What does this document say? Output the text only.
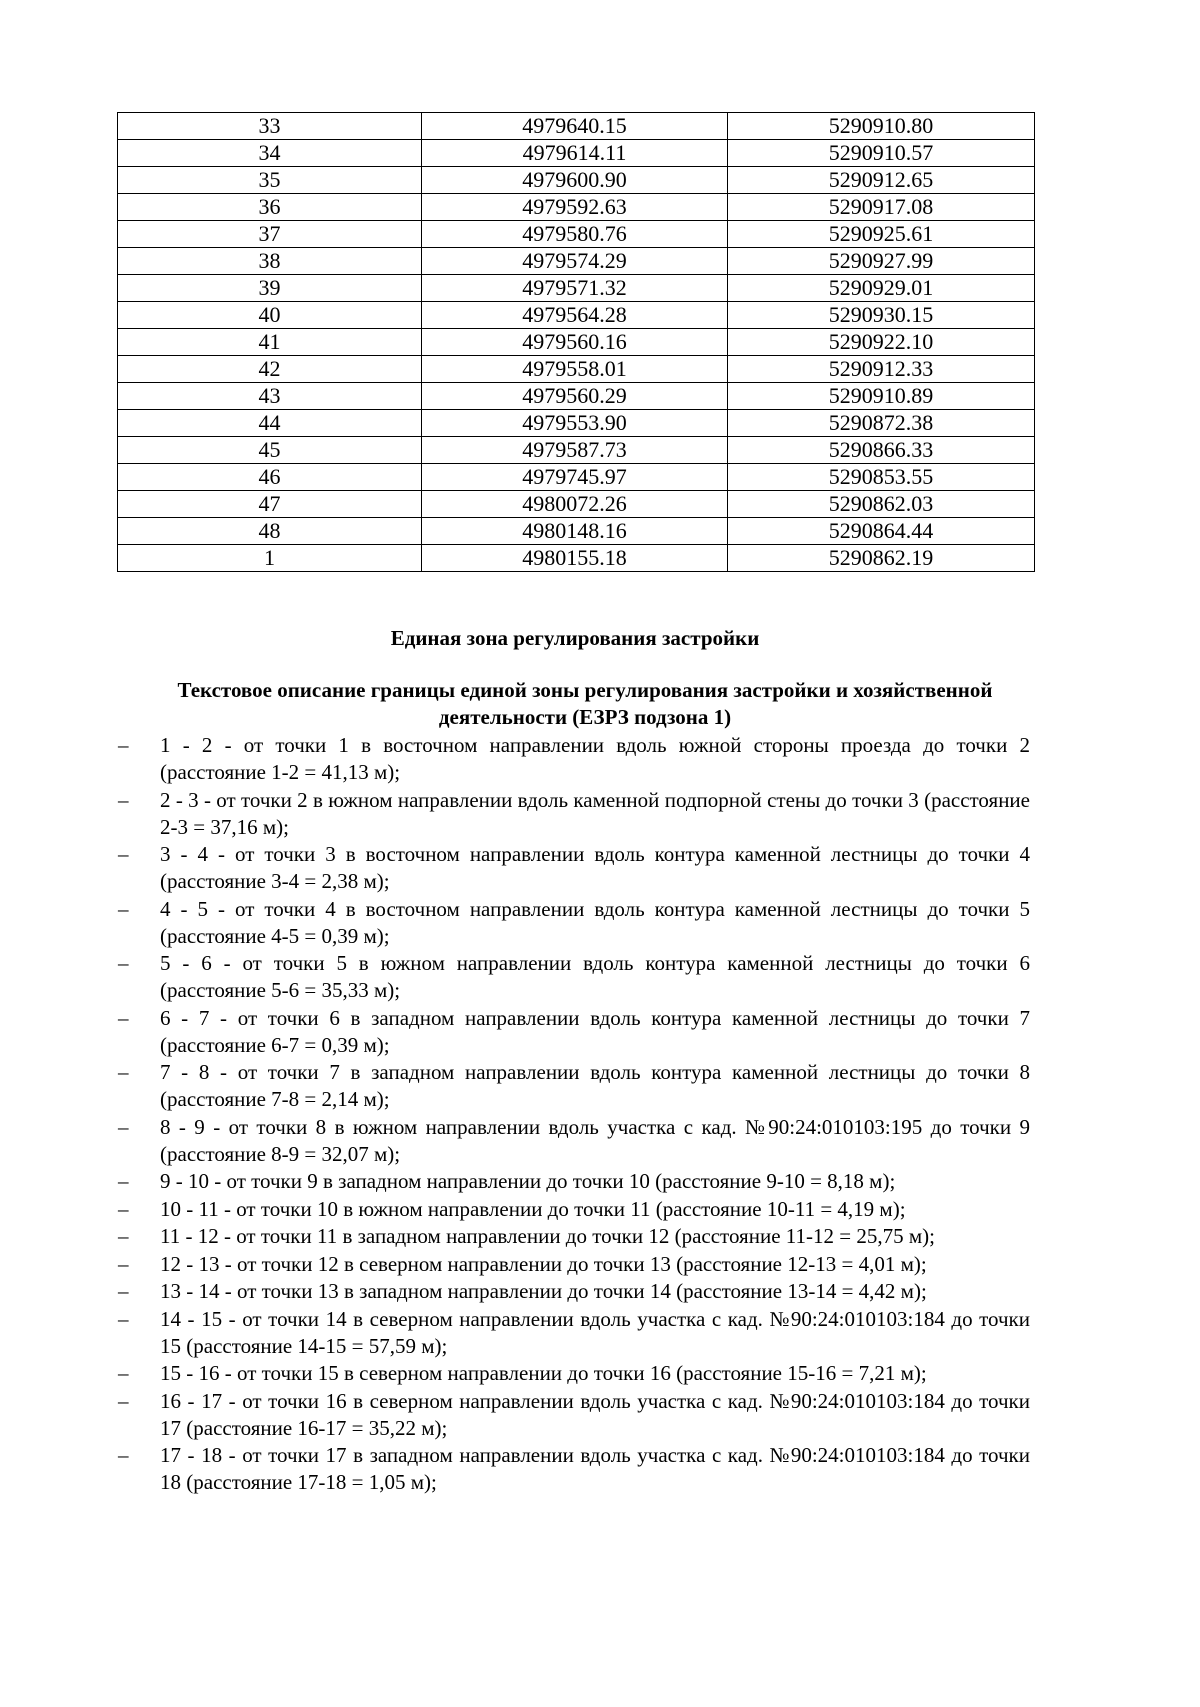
33	4979640.15	5290910.80
34	4979614.11	5290910.57
35	4979600.90	5290912.65
36	4979592.63	5290917.08
37	4979580.76	5290925.61
38	4979574.29	5290927.99
39	4979571.32	5290929.01
40	4979564.28	5290930.15
41	4979560.16	5290922.10
42	4979558.01	5290912.33
43	4979560.29	5290910.89
44	4979553.90	5290872.38
45	4979587.73	5290866.33
46	4979745.97	5290853.55
47	4980072.26	5290862.03
48	4980148.16	5290864.44
1	4980155.18	5290862.19
Единая зона регулирования застройки
Текстовое описание границы единой зоны регулирования застройки и хозяйственной деятельности (ЕЗРЗ подзона 1)
– 1 - 2 - от точки 1 в восточном направлении вдоль южной стороны проезда до точки 2 (расстояние 1-2 = 41,13 м);
– 2 - 3 - от точки 2 в южном направлении вдоль каменной подпорной стены до точки 3 (расстояние 2-3 = 37,16 м);
– 3 - 4 - от точки 3 в восточном направлении вдоль контура каменной лестницы до точки 4 (расстояние 3-4 = 2,38 м);
– 4 - 5 - от точки 4 в восточном направлении вдоль контура каменной лестницы до точки 5 (расстояние 4-5 = 0,39 м);
– 5 - 6 - от точки 5 в южном направлении вдоль контура каменной лестницы до точки 6 (расстояние 5-6 = 35,33 м);
– 6 - 7 - от точки 6 в западном направлении вдоль контура каменной лестницы до точки 7 (расстояние 6-7 = 0,39 м);
– 7 - 8 - от точки 7 в западном направлении вдоль контура каменной лестницы до точки 8 (расстояние 7-8 = 2,14 м);
– 8 - 9 - от точки 8 в южном направлении вдоль участка с кад. №90:24:010103:195 до точки 9 (расстояние 8-9 = 32,07 м);
– 9 - 10 - от точки 9 в западном направлении до точки 10 (расстояние 9-10 = 8,18 м);
– 10 - 11 - от точки 10 в южном направлении до точки 11 (расстояние 10-11 = 4,19 м);
– 11 - 12 - от точки 11 в западном направлении до точки 12 (расстояние 11-12 = 25,75 м);
– 12 - 13 - от точки 12 в северном направлении до точки 13 (расстояние 12-13 = 4,01 м);
– 13 - 14 - от точки 13 в западном направлении до точки 14 (расстояние 13-14 = 4,42 м);
– 14 - 15 - от точки 14 в северном направлении вдоль участка с кад. №90:24:010103:184 до точки 15 (расстояние 14-15 = 57,59 м);
– 15 - 16 - от точки 15 в северном направлении до точки 16 (расстояние 15-16 = 7,21 м);
– 16 - 17 - от точки 16 в северном направлении вдоль участка с кад. №90:24:010103:184 до точки 17 (расстояние 16-17 = 35,22 м);
– 17 - 18 - от точки 17 в западном направлении вдоль участка с кад. №90:24:010103:184 до точки 18 (расстояние 17-18 = 1,05 м);
